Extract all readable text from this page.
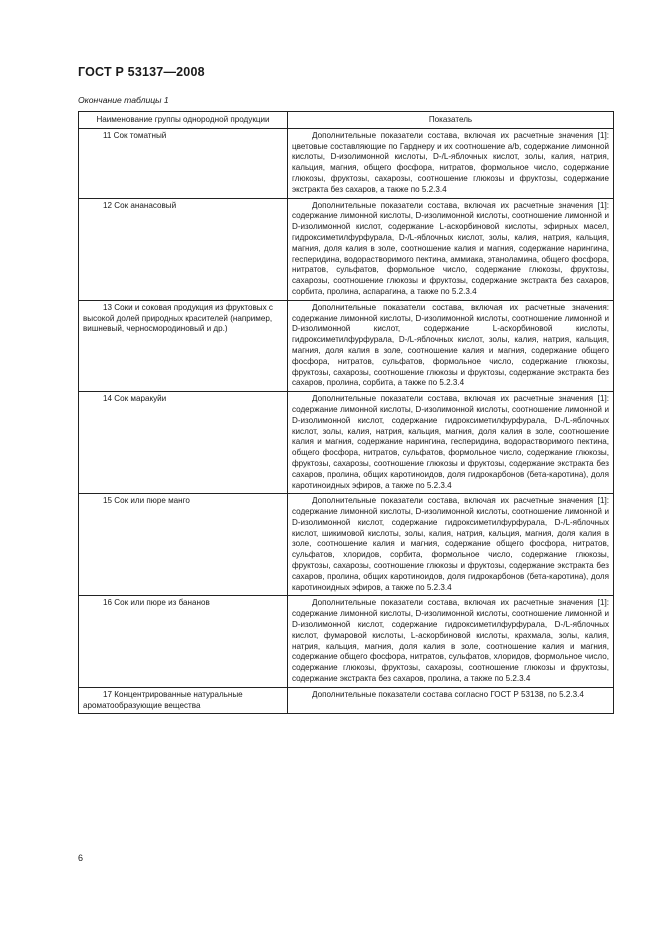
ГОСТ Р 53137—2008
Окончание таблицы 1
Наименование группы однородной продукции	Показатель
11 Сок томатный	Дополнительные показатели состава, включая их расчетные значения [1]: цветовые составляющие по Гарднеру и их соотношение a/b, содержание лимонной кислоты, D-изолимонной кислоты, D-/L-яблочных кислот, золы, калия, натрия, кальция, магния, общего фосфора, нитратов, формольное число, содержание глюкозы, фруктозы, сахарозы, соотношение глюкозы и фруктозы, содержание экстракта без сахаров, а также по 5.2.3.4
12 Сок ананасовый	Дополнительные показатели состава, включая их расчетные значения [1]: содержание лимонной кислоты, D-изолимонной кислоты, соотношение лимонной и D-изолимонной кислот, содержание L-аскорбиновой кислоты, эфирных масел, гидроксиметилфурфурала, D-/L-яблочных кислот, золы, калия, натрия, кальция, магния, доля калия в золе, соотношение калия и магния, содержание нарингина, гесперидина, водорастворимого пектина, аммиака, этаноламина, общего фосфора, нитратов, сульфатов, формольное число, содержание глюкозы, фруктозы, сахарозы, соотношение глюкозы и фруктозы, содержание экстракта без сахаров, сорбита, пролина, аспарагина, а также по 5.2.3.4
13 Соки и соковая продукция из фруктовых с высокой долей природных красителей (например, вишневый, черносмородиновый и др.)	Дополнительные показатели состава, включая их расчетные значения: содержание лимонной кислоты, D-изолимонной кислоты, соотношение лимонной и D-изолимонной кислот, содержание L-аскорбиновой кислоты, гидроксиметилфурфурала, D-/L-яблочных кислот, золы, калия, натрия, кальция, магния, доля калия в золе, соотношение калия и магния, содержание общего фосфора, нитратов, сульфатов, формольное число, содержание глюкозы, фруктозы, сахарозы, соотношение глюкозы и фруктозы, содержание экстракта без сахаров, пролина, сорбита, а также по 5.2.3.4
14 Сок маракуйи	Дополнительные показатели состава, включая их расчетные значения [1]: содержание лимонной кислоты, D-изолимонной кислоты, соотношение лимонной и D-изолимонной кислот, содержание гидроксиметилфурфурала, D-/L-яблочных кислот, золы, калия, натрия, кальция, магния, доля калия в золе, соотношение калия и магния, содержание нарингина, гесперидина, водорастворимого пектина, общего фосфора, нитратов, сульфатов, формольное число, содержание глюкозы, фруктозы, сахарозы, соотношение глюкозы и фруктозы, содержание экстракта без сахаров, пролина, общих каротиноидов, доля гидрокарбонов (бета-каротина), доля каротиноидных эфиров, а также по 5.2.3.4
15 Сок или пюре манго	Дополнительные показатели состава, включая их расчетные значения [1]: содержание лимонной кислоты, D-изолимонной кислоты, соотношение лимонной и D-изолимонной кислот, содержание гидроксиметилфурфурала, D-/L-яблочных кислот, шикимовой кислоты, золы, калия, натрия, кальция, магния, доля калия в золе, соотношение калия и магния, содержание общего фосфора, нитратов, сульфатов, хлоридов, сорбита, формольное число, содержание глюкозы, фруктозы, сахарозы, соотношение глюкозы и фруктозы, содержание экстракта без сахаров, пролина, общих каротиноидов, доля гидрокарбонов (бета-каротина), доля каротиноидных эфиров, а также по 5.2.3.4
16 Сок или пюре из бананов	Дополнительные показатели состава, включая их расчетные значения [1]: содержание лимонной кислоты, D-изолимонной кислоты, соотношение лимонной и D-изолимонной кислот, содержание гидроксиметилфурфурала, D-/L-яблочных кислот, фумаровой кислоты, L-аскорбиновой кислоты, крахмала, золы, калия, натрия, кальция, магния, доля калия в золе, соотношение калия и магния, содержание общего фосфора, нитратов, сульфатов, хлоридов, формольное число, содержание глюкозы, фруктозы, сахарозы, соотношение глюкозы и фруктозы, содержание экстракта без сахаров, пролина, а также по 5.2.3.4
17 Концентрированные натуральные ароматообразующие вещества	Дополнительные показатели состава согласно ГОСТ Р 53138, по 5.2.3.4
6
